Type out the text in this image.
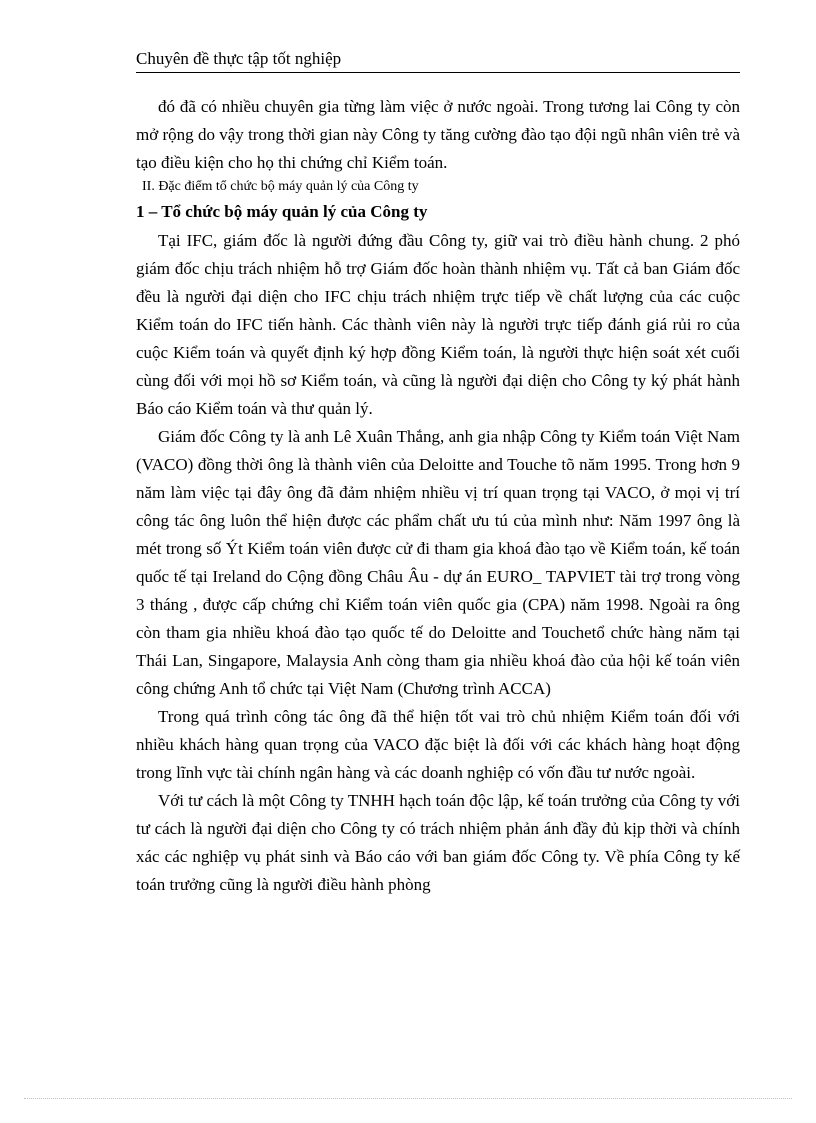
Chuyên đề thực tập tốt nghiệp

đó đã có nhiều chuyên gia từng làm việc ở nước ngoài. Trong tương lai Công ty còn mở rộng do vậy trong thời gian này Công ty tăng cường đào tạo đội ngũ nhân viên trẻ và tạo điều kiện cho họ thi chứng chỉ Kiểm toán.

II. Đặc điểm tổ chức bộ máy quản lý của Công ty

1 – Tổ chức bộ máy quản lý của Công ty

Tại IFC, giám đốc là người đứng đầu Công ty, giữ vai trò điều hành chung. 2 phó giám đốc chịu trách nhiệm hỗ trợ Giám đốc hoàn thành nhiệm vụ. Tất cả ban Giám đốc đều là người đại diện cho IFC chịu trách nhiệm trực tiếp về chất lượng của các cuộc Kiểm toán do IFC tiến hành. Các thành viên này là người trực tiếp đánh giá rủi ro của cuộc Kiểm toán và quyết định ký hợp đồng Kiểm toán, là người thực hiện soát xét cuối cùng đối với mọi hồ sơ Kiểm toán, và cũng là người đại diện cho Công ty ký phát hành Báo cáo Kiểm toán và thư quản lý.

Giám đốc Công ty là anh Lê Xuân Thắng, anh gia nhập Công ty Kiểm toán Việt Nam (VACO) đồng thời ông là thành viên của Deloitte and Touche tõ năm 1995. Trong hơn 9 năm làm việc tại đây ông đã đảm nhiệm nhiều vị trí quan trọng tại VACO, ở mọi vị trí công tác ông luôn thể hiện được các phẩm chất ưu tú của mình như: Năm 1997 ông là mét trong số Ýt Kiểm toán viên được cử đi tham gia khoá đào tạo về Kiểm toán, kế toán quốc tế tại Ireland do Cộng đồng Châu Âu - dự án EURO_ TAPVIET tài trợ trong vòng 3 tháng , được cấp chứng chỉ Kiểm toán viên quốc gia (CPA) năm 1998. Ngoài ra ông còn tham gia nhiều khoá đào tạo quốc tế do Deloitte and Touchetổ chức hàng năm tại Thái Lan, Singapore, Malaysia Anh còng tham gia nhiều khoá đào của hội kế toán viên công chứng Anh tổ chức tại Việt Nam (Chương trình ACCA)

Trong quá trình công tác ông đã thể hiện tốt vai trò chủ nhiệm Kiểm toán đối với nhiều khách hàng quan trọng của VACO đặc biệt là đối với các khách hàng hoạt động trong lĩnh vực tài chính ngân hàng và các doanh nghiệp có vốn đầu tư nước ngoài.

Với tư cách là một Công ty TNHH hạch toán độc lập, kế toán trưởng của Công ty với tư cách là người đại diện cho Công ty có trách nhiệm phản ánh đầy đủ kịp thời và chính xác các nghiệp vụ phát sinh và Báo cáo với ban giám đốc Công ty. Về phía Công ty kế toán trưởng cũng là người điều hành phòng
